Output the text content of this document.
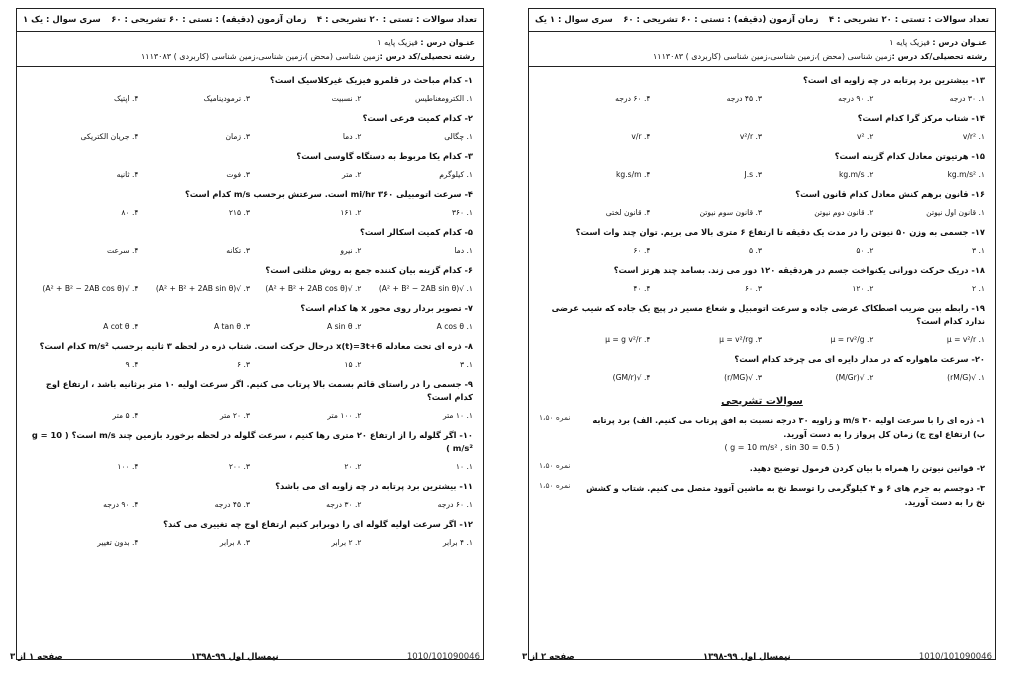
تعداد سوالات : تستی : ۲۰ تشریحی : ۴
زمان آزمون (دقیقه) : تستی : ۶۰ تشریحی : ۶۰
سری سوال : یک ۱
عنـوان درس : فیزیک پایه ۱
رشته تحصیلی/کد درس :زمین شناسی (محض )،زمین شناسی،زمین شناسی (کاربردی ) ۱۱۱۳۰۸۳
۱- کدام مباحث در قلمرو فیزیک غیرکلاسیک است؟
۱. الکترومغناطیس
۲. نسبیت
۳. ترمودینامیک
۴. اپتیک
۲- کدام کمیت فرعی است؟
۱. چگالی
۲. دما
۳. زمان
۴. جریان الکتریکی
۳- کدام یکا مربوط به دستگاه گاوسی است؟
۱. کیلوگرم
۲. متر
۳. فوت
۴. ثانیه
۴- سرعت اتومبیلی ۳۶۰ mi/hr است. سرعتش برحسب m/s کدام است؟
۱. ۳۶۰
۲. ۱۶۱
۳. ۲۱۵
۴. ۸۰
۵- کدام کمیت اسکالر است؟
۱. دما
۲. نیرو
۳. تکانه
۴. سرعت
۶- کدام گزینه بیان کننده جمع به روش مثلثی است؟
۱. √(A² + B² − 2AB sin θ)
۲. √(A² + B² + 2AB cos θ)
۳. √(A² + B² + 2AB sin θ)
۴. √(A² + B² − 2AB cos θ)
۷- تصویر بردار روی محور x ها کدام است؟
۱. A cos θ
۲. A sin θ
۳. A tan θ
۴. A cot θ
۸- ذره ای تحت معادله x(t)=3t+6 درحال حرکت است. شتاب ذره در لحظه ۳ ثانیه برحسب m/s² کدام است؟
۱. ۳
۲. ۱۵
۳. ۶
۴. ۹
۹- جسمی را در راستای قائم بسمت بالا پرتاب می کنیم. اگر سرعت اولیه ۱۰ متر برثانیه باشد ، ارتفاع اوج کدام است؟
۱. ۱۰ متر
۲. ۱۰۰ متر
۳. ۲۰ متر
۴. ۵ متر
۱۰- اگر گلوله را از ارتفاع ۲۰ متری رها کنیم ، سرعت گلوله در لحظه برخورد بازمین چند m/s است؟ ( g = 10 m/s² )
۱. ۱۰
۲. ۲۰
۳. ۲۰۰
۴. ۱۰۰
۱۱- بیشترین برد پرتابه در چه زاویه ای می باشد؟
۱. ۶۰ درجه
۲. ۳۰ درجه
۳. ۴۵ درجه
۴. ۹۰ درجه
۱۲- اگر سرعت اولیه گلوله ای را دوبرابر کنیم ارتفاع اوج چه تغییری می کند؟
۱. ۴ برابر
۲. ۲ برابر
۳. ۸ برابر
۴. بدون تغییر
صفحه ۱ از ۳	نیمسال اول ۹۹-۱۳۹۸	1010/101090046
تعداد سوالات : تستی : ۲۰ تشریحی : ۴
زمان آزمون (دقیقه) : تستی : ۶۰ تشریحی : ۶۰
سری سوال : ۱ یک
عنـوان درس : فیزیک پایه ۱
رشته تحصیلی/کد درس :زمین شناسی (محض )،زمین شناسی،زمین شناسی (کاربردی ) ۱۱۱۳۰۸۳
۱۳- بیشترین برد پرتابه در چه زاویه ای است؟
۱. ۳۰ درجه
۲. ۹۰ درجه
۳. ۴۵ درجه
۴. ۶۰ درجه
۱۴- شتاب مرکز گرا کدام است؟
۱. v/r²
۲. v²
۳. v²/r
۴. v/r
۱۵- هرتیوتن معادل کدام گزینه است؟
۱. kg.m/s²
۲. kg.m/s
۳. J.s
۴. kg.s/m
۱۶- قانون برهم کنش معادل کدام قانون است؟
۱. قانون اول نیوتن
۲. قانون دوم نیوتن
۳. قانون سوم نیوتن
۴. قانون لختی
۱۷- جسمی به وزن ۵۰ نیوتن را در مدت یک دقیقه تا ارتفاع ۶ متری بالا می بریم. توان چند وات است؟
۱. ۳
۲. ۵۰
۳. ۵
۴. ۶۰
۱۸- دریک حرکت دورانی یکنواخت جسم در هردقیقه ۱۲۰ دور می زند. بسامد چند هرتز است؟
۱. ۲
۲. ۱۲۰
۳. ۶۰
۴. ۴۰
۱۹- رابطه بین ضریب اصطکاک عرضی جاده و سرعت اتومبیل و شعاع مسیر در پیچ یک جاده که شیب عرضی ندارد کدام است؟
۱. μ = v²/r
۲. μ = rv²/g
۳. μ = v²/rg
۴. μ = g v²/r
۲۰- سرعت ماهواره که در مدار دایره ای می چرخد کدام است؟
۱. √(rM/G)
۲. √(M/Gr)
۳. √(r/MG)
۴. √(GM/r)
سوالات تشریحی
۱- ذره ای را با سرعت اولیه ۳۰ m/s و زاویه ۳۰ درجه نسبت به افق پرتاب می کنیم. الف) برد پرتابه ب) ارتفاع اوج ج) زمان کل پرواز را به دست آورید.
( g = 10 m/s² , sin 30 = 0.5 )
۱،۵۰ نمره
۲- قوانین نیوتن را همراه با بیان کردن فرمول توضیح دهید.
۱،۵۰ نمره
۳- دوجسم به جرم های ۶ و ۴ کیلوگرمی را توسط نخ به ماشین آتوود متصل می کنیم. شتاب و کشش نخ را به دست آورید.
۱،۵۰ نمره
صفحه ۲ از ۳	نیمسال اول ۹۹-۱۳۹۸	1010/101090046
